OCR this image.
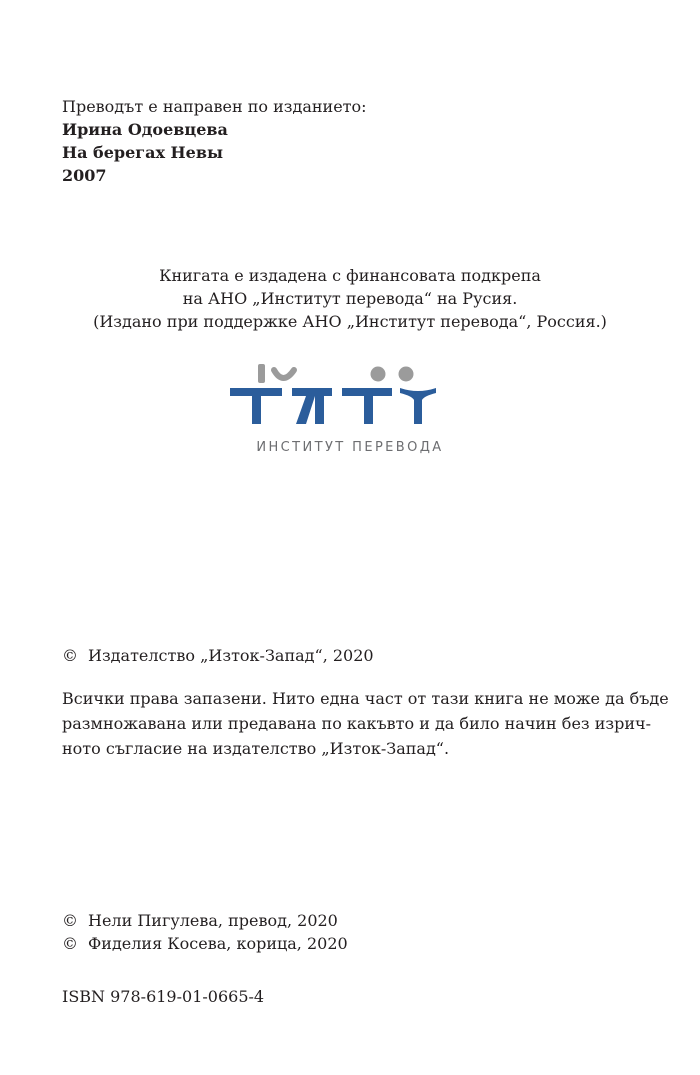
Преводът е направен по изданието:
Ирина Одоевцева
На берегах Невы
2007
Книгата е издадена с финансовата подкрепа
на АНО „Институт перевода“ на Русия.
(Издано при поддержке АНО „Институт перевода“, Россия.)
ИНСТИТУТ ПЕРЕВОДА
© Издателство „Изток-Запад“, 2020
Всички права запазени. Нито една част от тази книга не може да бъде
размножавана или предавана по какъвто и да било начин без изрич-
ното съгласие на издателство „Изток-Запад“.
© Нели Пигулева, превод, 2020
© Фиделия Косева, корица, 2020
ISBN 978-619-01-0665-4
